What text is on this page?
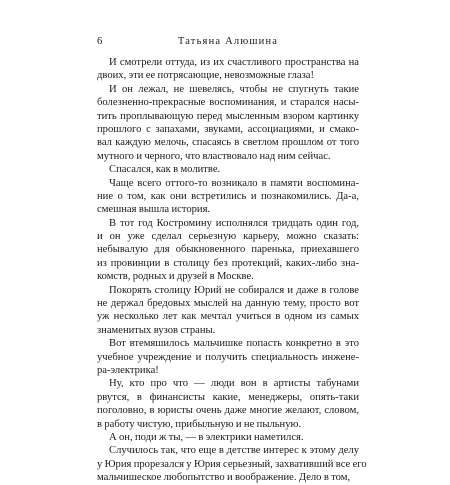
6	Татьяна Алюшина
И смотрели оттуда, из их счастливого пространства на
двоих, эти ее потрясающие, невозможные глаза!
И он лежал, не шевелясь, чтобы не спугнуть такие
болезненно-прекрасные воспоминания, и старался насы-
тить проплывающую перед мысленным взором картинку
прошлого с запахами, звуками, ассоциациями, и смако-
вал каждую мелочь, спасаясь в светлом прошлом от того
мутного и черного, что властвовало над ним сейчас.
Спасался, как в молитве.
Чаще всего оттого-то возникало в памяти воспомина-
ние о том, как они встретились и познакомились. Да-а,
смешная вышла история.
В тот год Костромину исполнялся тридцать один год,
и он уже сделал серьезную карьеру, можно сказать:
небывалую для обыкновенного паренька, приехавшего
из провинции в столицу без протекций, каких-либо зна-
комств, родных и друзей в Москве.
Покорять столицу Юрий не собирался и даже в голове
не держал бредовых мыслей на данную тему, просто вот
уж несколько лет как мечтал учиться в одном из самых
знаменитых вузов страны.
Вот втемяшилось мальчишке попасть конкретно в это
учебное учреждение и получить специальность инжене-
ра-электрика!
Ну, кто про что — люди вон в артисты табунами
рвутся, в финансисты какие, менеджеры, опять-таки
поголовно, в юристы очень даже многие желают, словом,
в работу чистую, прибыльную и не пыльную.
А он, поди ж ты, — в электрики наметился.
Случилось так, что еще в детстве интерес к этому делу
у Юрия прорезался у Юрия серьезный, захвативший все его
мальчишеское любопытство и воображение. Дело в том,
